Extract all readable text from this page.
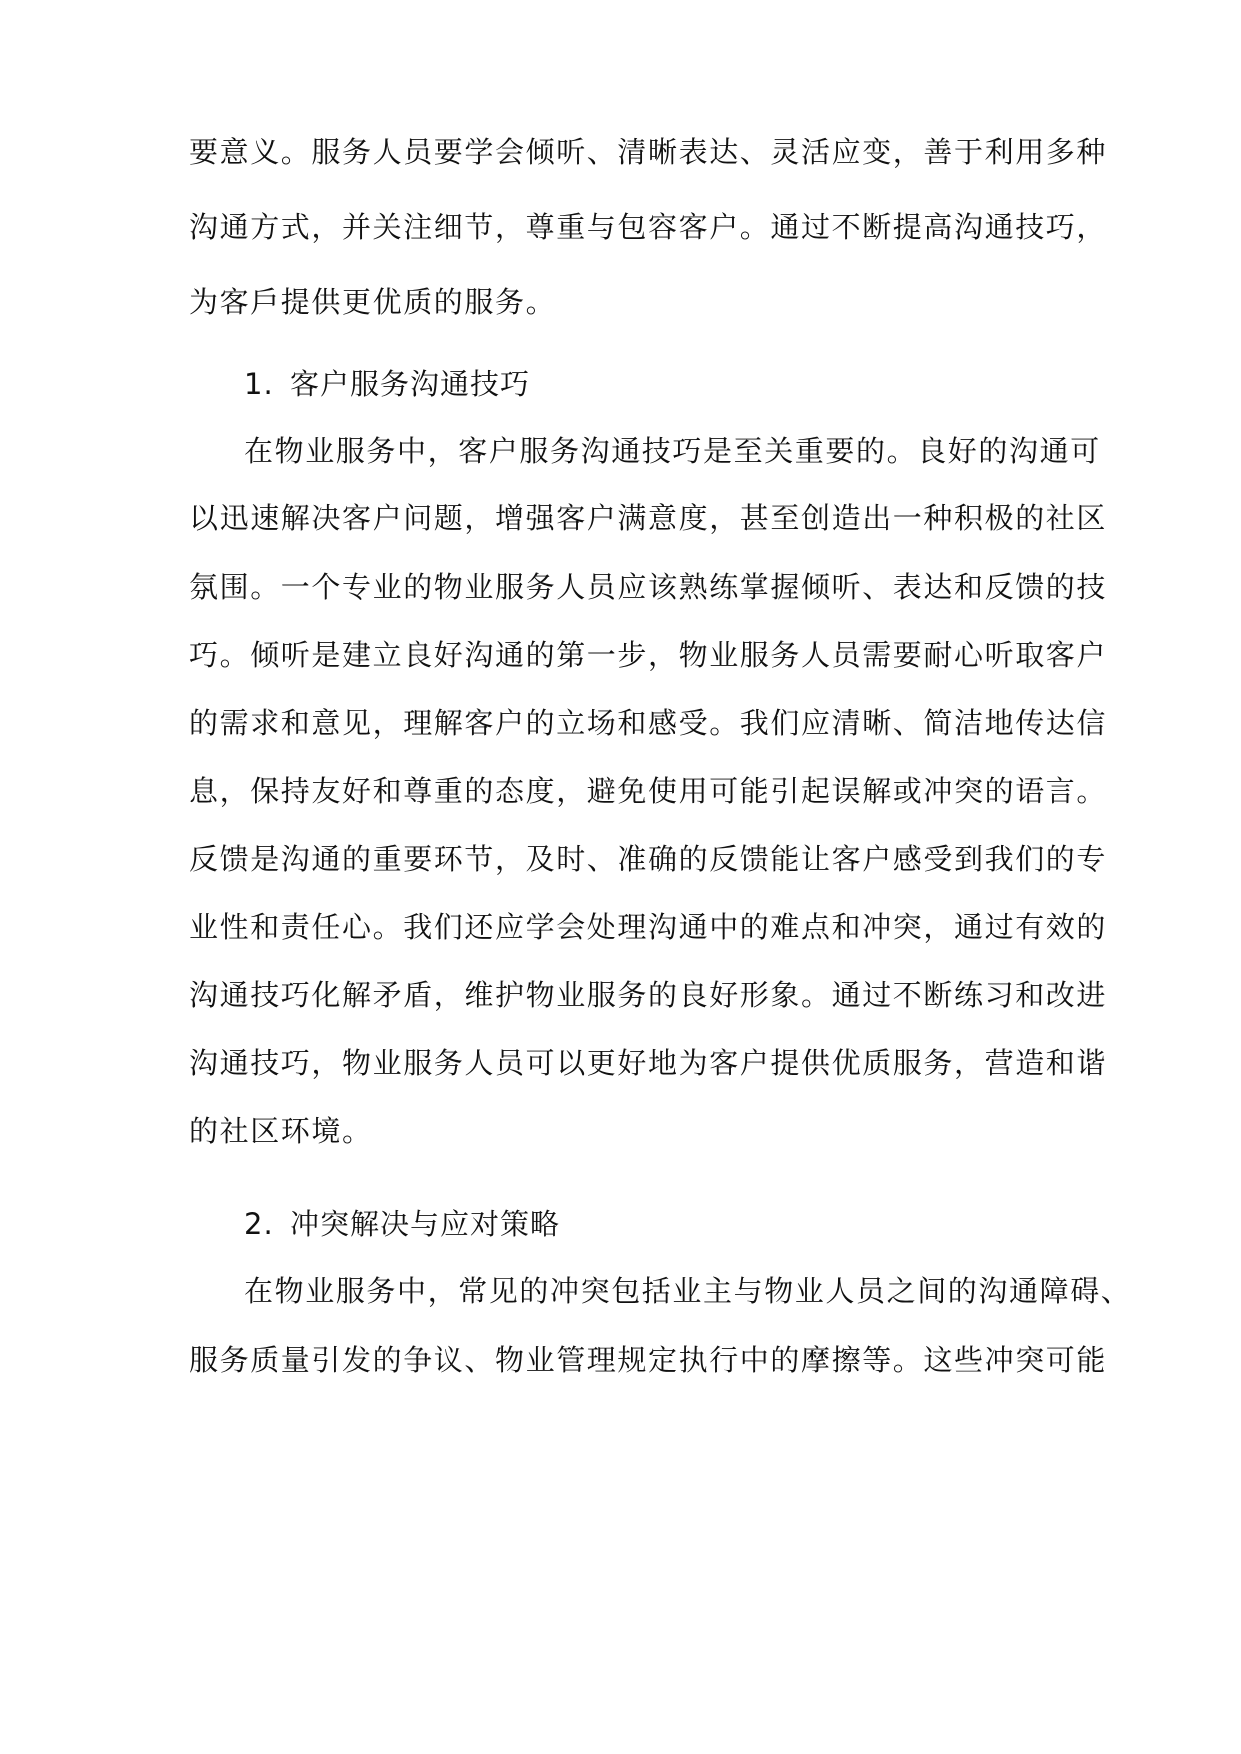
要意义。服务人员要学会倾听、清晰表达、灵活应变，善于利用多种
沟通方式，并关注细节，尊重与包容客户。通过不断提高沟通技巧，
为客戶提供更优质的服务。
1. 客户服务沟通技巧
在物业服务中，客户服务沟通技巧是至关重要的。良好的沟通可
以迅速解决客户问题，增强客户满意度，甚至创造出一种积极的社区
氛围。一个专业的物业服务人员应该熟练掌握倾听、表达和反馈的技
巧。倾听是建立良好沟通的第一步，物业服务人员需要耐心听取客户
的需求和意见，理解客户的立场和感受。我们应清晰、简洁地传达信
息，保持友好和尊重的态度，避免使用可能引起误解或冲突的语言。
反馈是沟通的重要环节，及时、准确的反馈能让客户感受到我们的专
业性和责任心。我们还应学会处理沟通中的难点和冲突，通过有效的
沟通技巧化解矛盾，维护物业服务的良好形象。通过不断练习和改进
沟通技巧，物业服务人员可以更好地为客户提供优质服务，营造和谐
的社区环境。
2. 冲突解决与应对策略
在物业服务中，常见的冲突包括业主与物业人员之间的沟通障碍、
服务质量引发的争议、物业管理规定执行中的摩擦等。这些冲突可能
